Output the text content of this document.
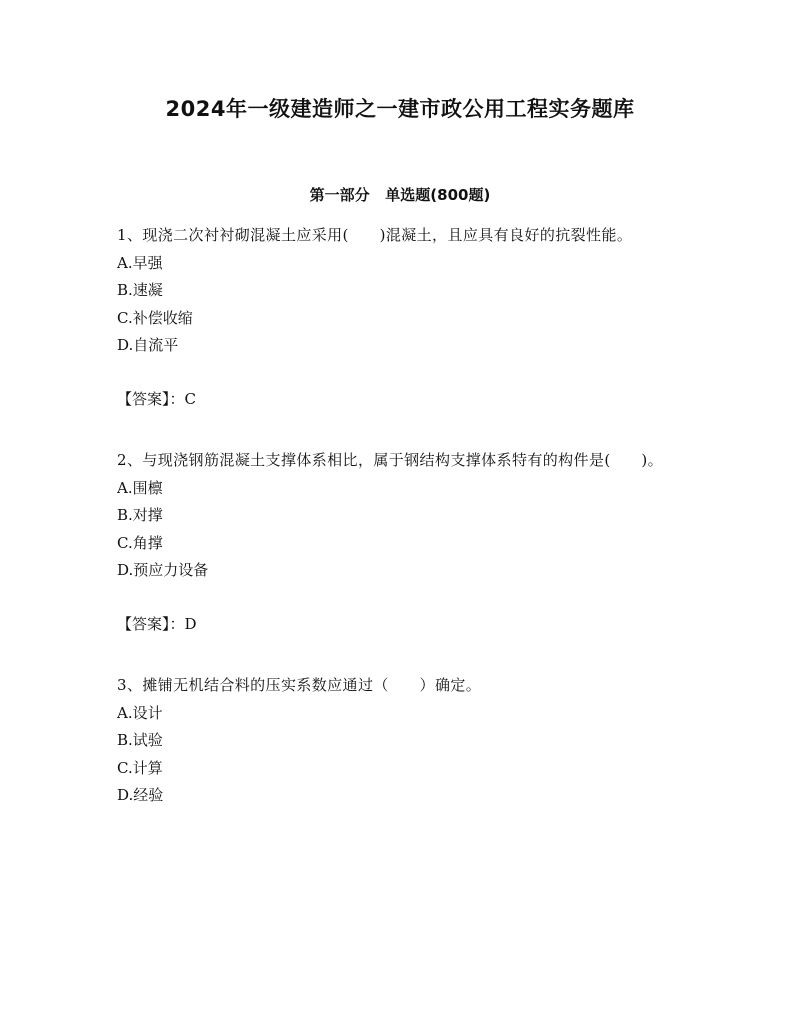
2024年一级建造师之一建市政公用工程实务题库
第一部分   单选题(800题)

1、现浇二次衬衬砌混凝土应采用(　　)混凝土，且应具有良好的抗裂性能。

A.早强
B.速凝
C.补偿收缩
D.自流平

【答案】：C

2、与现浇钢筋混凝土支撑体系相比，属于钢结构支撑体系特有的构件是(　　)。

A.围檩
B.对撑
C.角撑
D.预应力设备

【答案】：D

3、摊铺无机结合料的压实系数应通过（　　）确定。

A.设计
B.试验
C.计算
D.经验
